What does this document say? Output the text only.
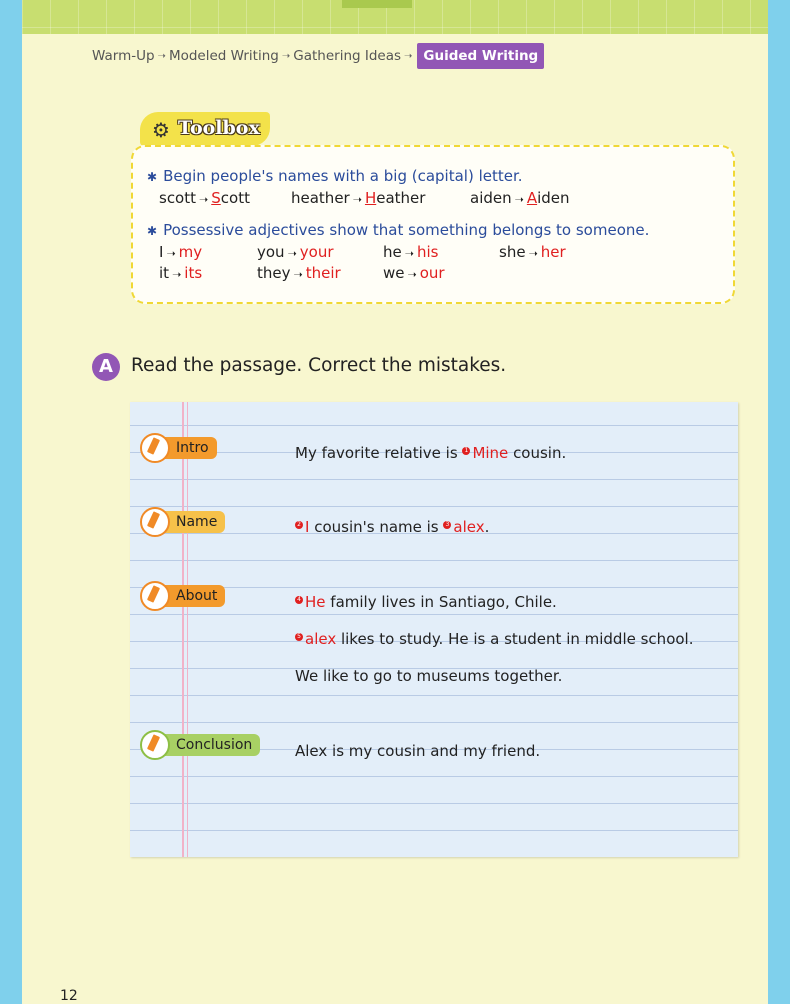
Warm-Up ➝ Modeled Writing ➝ Gathering Ideas ➝ Guided Writing
⚙ Toolbox
✱ Begin people's names with a big (capital) letter.
scott ➝ Scott	heather ➝ Heather	aiden ➝ Aiden
✱ Possessive adjectives show that something belongs to someone.
I ➝ my	you ➝ your	he ➝ his	she ➝ her
it ➝ its	they ➝ their	we ➝ our
A Read the passage. Correct the mistakes.
Intro
Name
About
Conclusion
My favorite relative is 1 Mine cousin.
2 I cousin's name is 3 alex.
4 He family lives in Santiago, Chile.
5 alex likes to study. He is a student in middle school.
We like to go to museums together.
Alex is my cousin and my friend.
12
